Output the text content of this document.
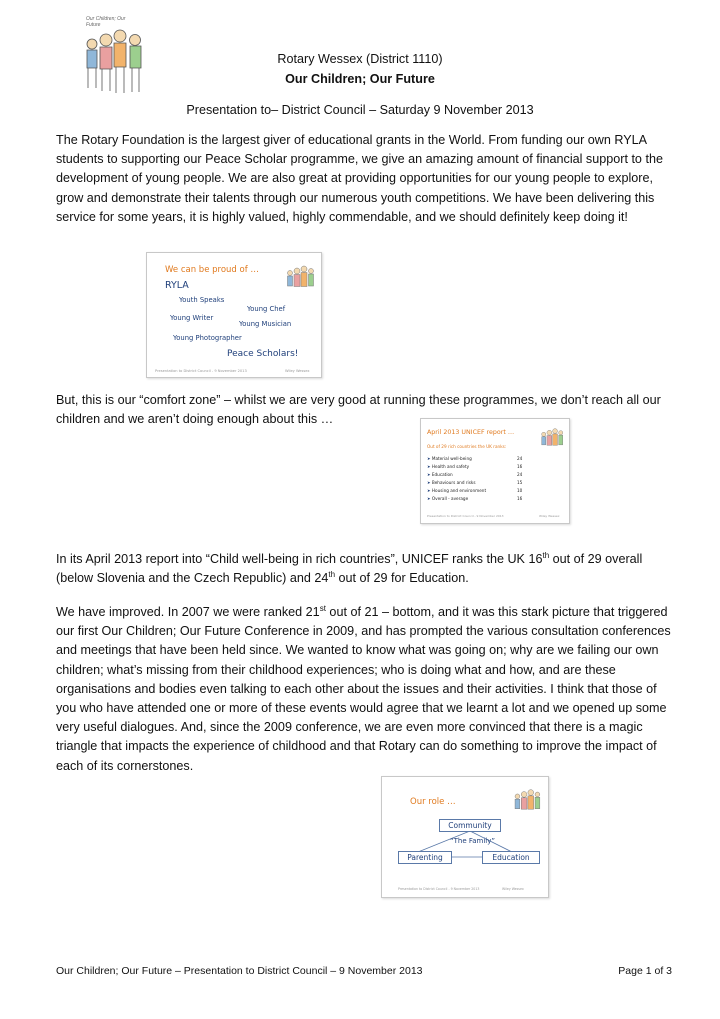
Our Children; Our Future
Rotary Wessex (District 1110)
Our Children; Our Future
Presentation to– District Council – Saturday 9 November 2013
The Rotary Foundation is the largest giver of educational grants in the World. From funding our own RYLA students to supporting our Peace Scholar programme, we give an amazing amount of financial support to the development of young people. We are also great at providing opportunities for our young people to explore, grow and demonstrate their talents through our numerous youth competitions. We have been delivering this service for some years, it is highly valued, highly commendable, and we should definitely keep doing it!
We can be proud of …
RYLA
Youth Speaks
Young Chef
Young Writer
Young Musician
Young Photographer
Peace Scholars!
Presentation to District Council - 9 November 2013	Wiley Wessex
But, this is our “comfort zone” – whilst we are very good at running these programmes, we don’t reach all our children and we aren’t doing enough about this …
April 2013 UNICEF report …
Out of 29 rich countries the UK ranks:
➤ Material well-being	24
➤ Health and safety	16
➤ Education	24
➤ Behaviours and risks	15
➤ Housing and environment	10
➤ Overall - average	16
Presentation to District Council - 9 November 2013	Wiley Wessex
In its April 2013 report into “Child well-being in rich countries”, UNICEF ranks the UK 16th out of 29 overall (below Slovenia and the Czech Republic) and 24th out of 29 for Education.
We have improved. In 2007 we were ranked 21st out of 21 – bottom, and it was this stark picture that triggered our first Our Children; Our Future Conference in 2009, and has prompted the various consultation conferences and meetings that have been held since. We wanted to know what was going on; why are we failing our own children; what’s missing from their childhood experiences; who is doing what and how, and are these organisations and bodies even talking to each other about the issues and their activities. I think that those of you who have attended one or more of these events would agree that we learnt a lot and we opened up some very useful dialogues. And, since the 2009 conference, we are even more convinced that there is a magic triangle that impacts the experience of childhood and that Rotary can do something to improve the impact of each of its cornerstones.
Our role …
Community
“The Family”
Parenting	Education
Presentation to District Council - 9 November 2013	Wiley Wessex
Our Children; Our Future – Presentation to District Council – 9 November 2013	Page 1 of 3
